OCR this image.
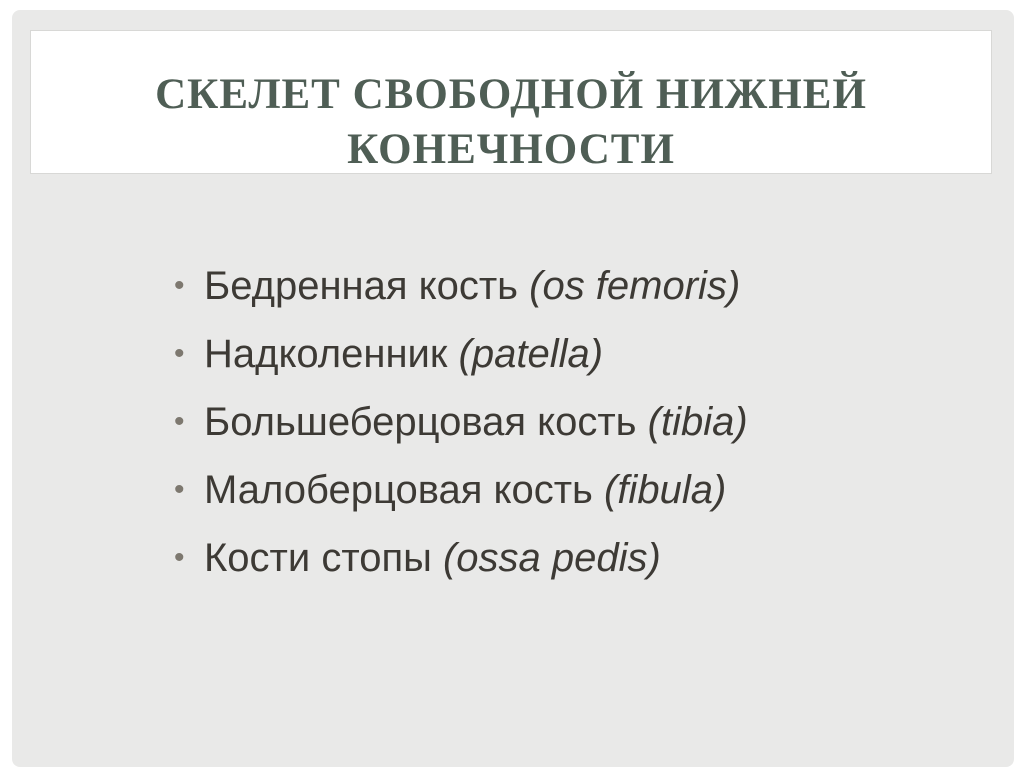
СКЕЛЕТ СВОБОДНОЙ НИЖНЕЙ КОНЕЧНОСТИ
• Бедренная кость (os femoris)
• Надколенник (patella)
• Большеберцовая кость (tibia)
• Малоберцовая кость (fibula)
• Кости стопы (ossa pedis)
